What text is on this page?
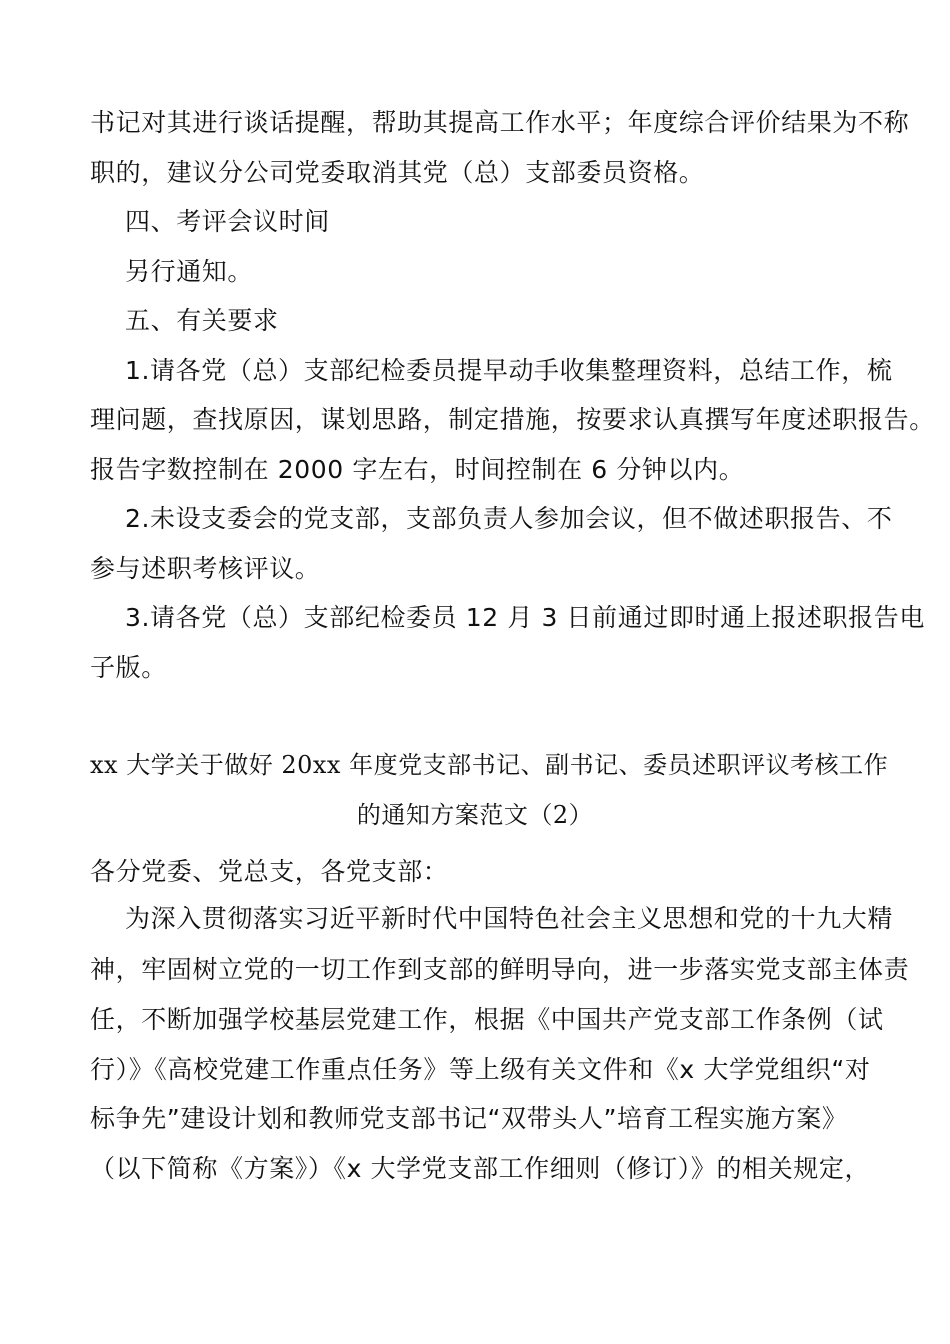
书记对其进行谈话提醒，帮助其提高工作水平；年度综合评价结果为不称
职的，建议分公司党委取消其党（总）支部委员资格。
四、考评会议时间
另行通知。
五、有关要求
1.请各党（总）支部纪检委员提早动手收集整理资料，总结工作，梳
理问题，查找原因，谋划思路，制定措施，按要求认真撰写年度述职报告。
报告字数控制在 2000 字左右，时间控制在 6 分钟以内。
2.未设支委会的党支部，支部负责人参加会议，但不做述职报告、不
参与述职考核评议。
3.请各党（总）支部纪检委员 12 月 3 日前通过即时通上报述职报告电
子版。
xx 大学关于做好 20xx 年度党支部书记、副书记、委员述职评议考核工作
的通知方案范文（2）
各分党委、党总支，各党支部：
为深入贯彻落实习近平新时代中国特色社会主义思想和党的十九大精
神，牢固树立党的一切工作到支部的鲜明导向，进一步落实党支部主体责
任，不断加强学校基层党建工作，根据《中国共产党支部工作条例（试
行）》《高校党建工作重点任务》等上级有关文件和《x 大学党组织“对
标争先”建设计划和教师党支部书记“双带头人”培育工程实施方案》
（以下简称《方案》）《x 大学党支部工作细则（修订）》的相关规定，
